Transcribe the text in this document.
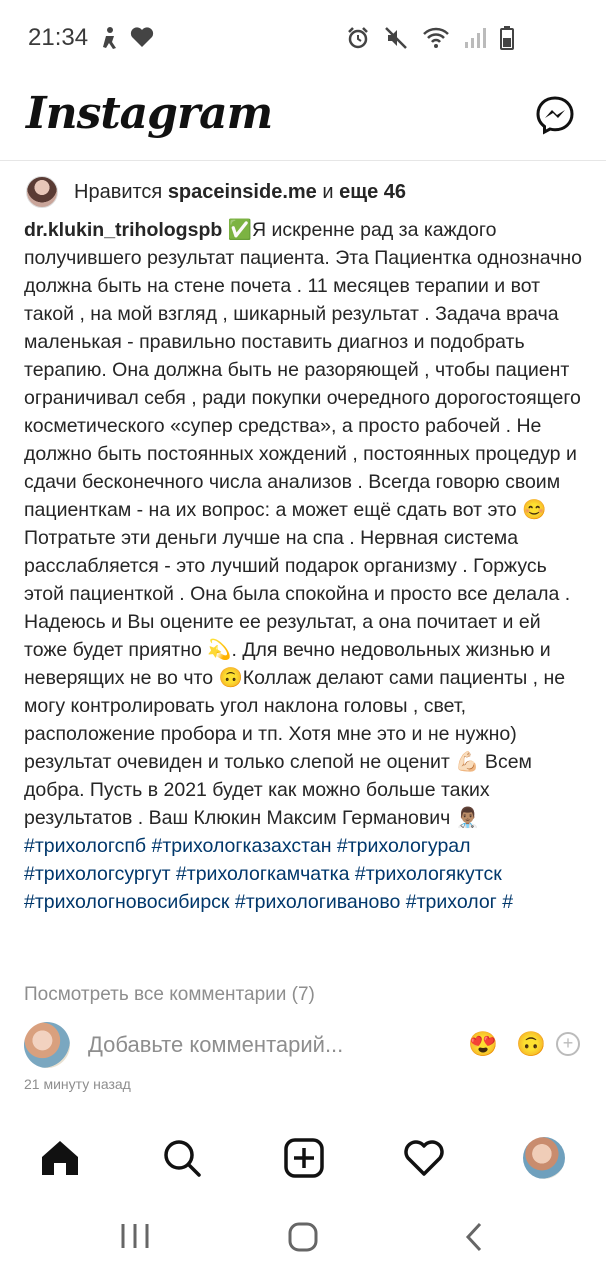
21:34
Instagram
Нравится spaceinside.me и еще 46
dr.klukin_trihologspb ✅Я искренне рад за каждого получившего результат пациента. Эта Пациентка однозначно должна быть на стене почета . 11 месяцев терапии и вот такой , на мой взгляд , шикарный результат . Задача врача маленькая - правильно поставить диагноз и подобрать терапию. Она должна быть не разоряющей , чтобы пациент ограничивал себя , ради покупки очередного дорогостоящего косметического «супер средства», а просто рабочей . Не должно быть постоянных хождений , постоянных процедур и сдачи бесконечного числа анализов . Всегда говорю своим пациенткам - на их вопрос: а может ещё сдать вот это 😊 Потратьте эти деньги лучше на спа . Нервная система расслабляется - это лучший подарок организму . Горжусь этой пациенткой . Она была спокойна и просто все делала . Надеюсь и Вы оцените ее результат, а она почитает и ей тоже будет приятно 💫. Для вечно недовольных жизнью и неверящих не во что 🙃Коллаж делают сами пациенты , не могу контролировать угол наклона головы , свет, расположение пробора и тп. Хотя мне это и не нужно) результат очевиден и только слепой не оценит 💪🏻 Всем добра. Пусть в 2021 будет как можно больше таких результатов . Ваш Клюкин Максим Германович 👨🏽‍⚕️ #трихологспб #трихологказахстан #трихологурал #трихологсургут #трихологкамчатка #трихологякутск #трихологновосибирск #трихологиваново #трихолог #
Посмотреть все комментарии (7)
Добавьте комментарий...	😍 🙃 +
21 минуту назад
